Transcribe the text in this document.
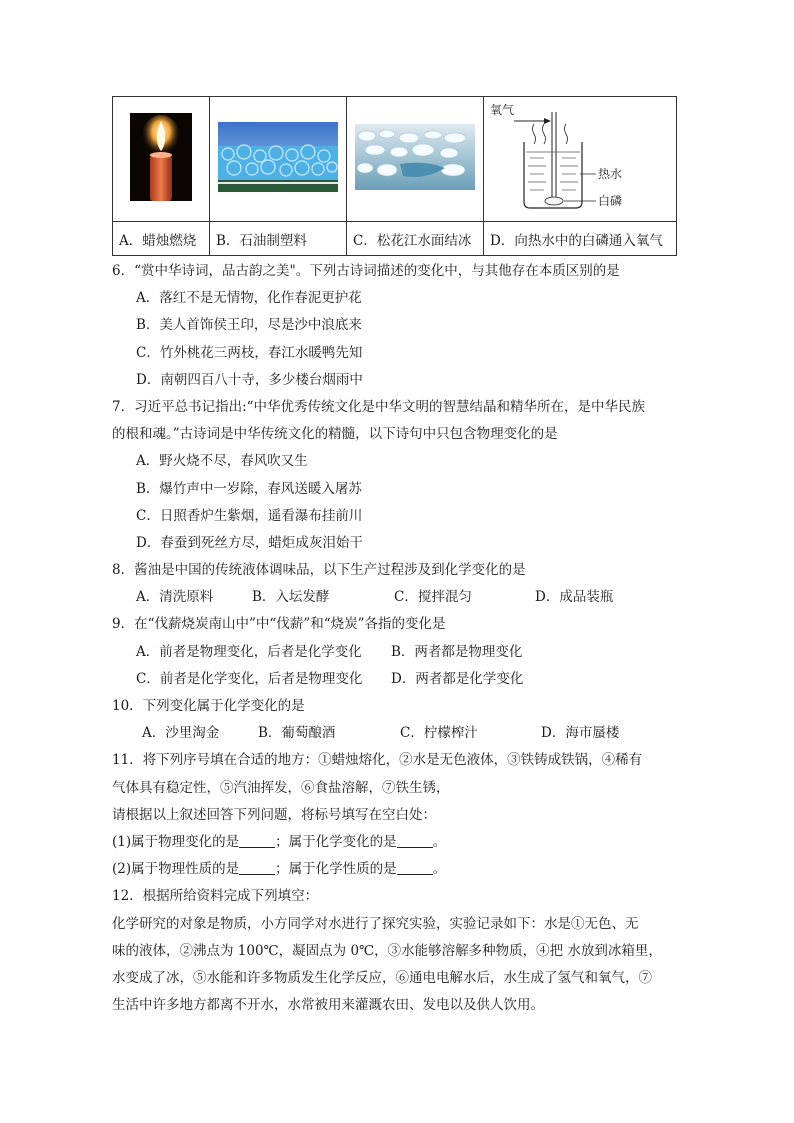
氧气
热水
白磷

A．蜡烛燃烧	B．石油制塑料	C．松花江水面结冰	D．向热水中的白磷通入氧气
6．“赏中华诗词，品古韵之美"。下列古诗词描述的变化中，与其他存在本质区别的是
A．落红不是无情物，化作春泥更护花
B．美人首饰侯王印，尽是沙中浪底来
C．竹外桃花三两枝，春江水暖鸭先知
D．南朝四百八十寺，多少楼台烟雨中
7．习近平总书记指出:“中华优秀传统文化是中华文明的智慧结晶和精华所在，是中华民族
的根和魂。”古诗词是中华传统文化的精髓，以下诗句中只包含物理变化的是
A．野火烧不尽，春风吹又生
B．爆竹声中一岁除，春风送暖入屠苏
C．日照香炉生紫烟，遥看瀑布挂前川
D．春蚕到死丝方尽，蜡炬成灰泪始干
8．酱油是中国的传统液体调味品，以下生产过程涉及到化学变化的是
A．清洗原料	B．入坛发酵	C．搅拌混匀	D．成品装瓶
9．在“伐薪烧炭南山中”中“伐薪”和“烧炭”各指的变化是
A．前者是物理变化，后者是化学变化 B．两者都是物理变化
C．前者是化学变化，后者是物理变化 D．两者都是化学变化
10．下列变化属于化学变化的是
A．沙里淘金	B．葡萄酿酒	C．柠檬榨汁	D．海市蜃楼
11．将下列序号填在合适的地方：①蜡烛熔化，②水是无色液体，③铁铸成铁锅，④稀有
气体具有稳定性，⑤汽油挥发，⑥食盐溶解，⑦铁生锈，
请根据以上叙述回答下列问题，将标号填写在空白处：
(1)属于物理变化的是	；属于化学变化的是	。
(2)属于物理性质的是	；属于化学性质的是	。
12．根据所给资料完成下列填空：
化学研究的对象是物质，小方同学对水进行了探究实验，实验记录如下：水是①无色、无
味的液体，②沸点为 100℃，凝固点为 0℃，③水能够溶解多种物质，④把 水放到冰箱里，
水变成了冰，⑤水能和许多物质发生化学反应，⑥通电电解水后，水生成了氢气和氧气，⑦
生活中许多地方都离不开水，水常被用来灌溉农田、发电以及供人饮用。
